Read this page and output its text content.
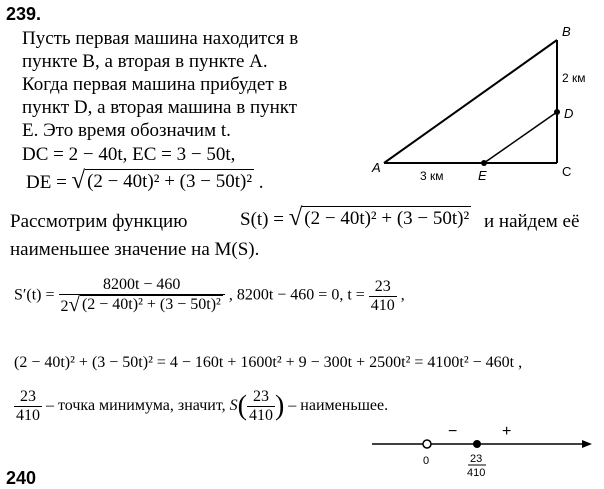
239.
Пусть первая машина находится в
пункте B, а вторая в пункте A.
Когда первая машина прибудет в
пункт D, а вторая машина в пункт
E. Это время обозначим t.
DC = 2 − 40t, EC = 3 − 50t,
DE = √ (2 − 40t)² + (3 − 50t)² .
A
B
C
D
E
2 км
3 км
Рассмотрим функцию	S(t) = √ (2 − 40t)² + (3 − 50t)² и найдем её
наименьшее значение на M(S).
$S'(t) = \frac{8200t - 460}{\text{2 √ (2 − 40t)² + (3 − 50t)²}}$ , 8200t − 460 = 0, $t = \frac{23}{410}$ ,
(2 − 40t)² + (3 − 50t)² = 4 − 160t + 1600t² + 9 − 300t + 2500t² = 4100t² − 460t ,
$\frac{23}{410}$ – точка минимума, значит, $S( \frac{23}{410}$ ) – наименьшее.
−	+
0	23
410
240
